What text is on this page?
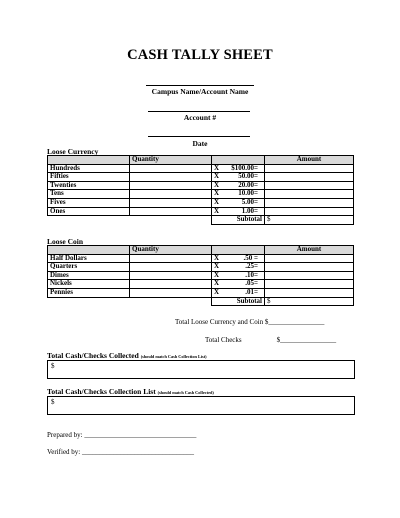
CASH TALLY SHEET
Campus Name/Account Name
Account #
Date
Loose Currency
	Quantity		Amount
Hundreds		X $100.00=	
Fifties		X 50.00=	
Twenties		X 20.00=	
Tens		X 10.00=	
Fives		X 5.00=	
Ones		X 1.00=	
		Subtotal	$
Loose Coin
	Quantity		Amount
Half Dollars		X .50 =	
Quarters		X .25=	
Dimes		X .10=	
Nickels		X .05=	
Pennies		X .01=	
		Subtotal	$
Total Loose Currency and Coin $________________
Total Checks                    $________________
Total Cash/Checks Collected (should match Cash Collection List)
$
Total Cash/Checks Collection List (should match Cash Collected)
$
Prepared by: ________________________________
Verified by: ________________________________
